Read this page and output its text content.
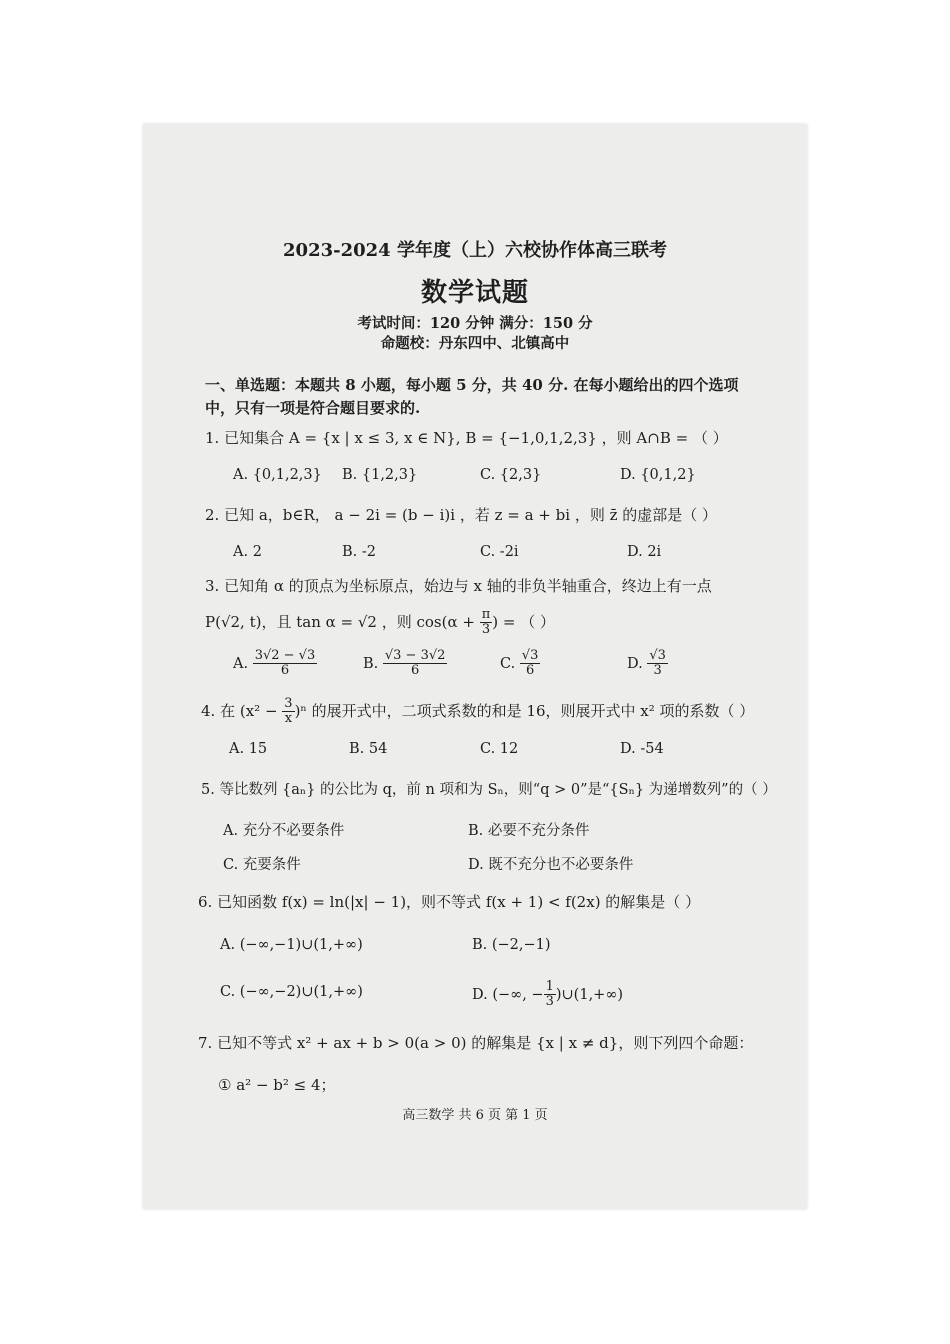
2023-2024 学年度（上）六校协作体高三联考
数学试题
考试时间：120 分钟 满分：150 分
命题校：丹东四中、北镇高中
一、单选题：本题共 8 小题，每小题 5 分，共 40 分. 在每小题给出的四个选项
中，只有一项是符合题目要求的.
1. 已知集合 A = {x | x ≤ 3, x ∈ N}, B = {−1,0,1,2,3} ，则 A∩B = （ ）
A. {0,1,2,3} B. {1,2,3}	C. {2,3}	D. {0,1,2}
2. 已知 a，b∈R， a − 2i = (b − i)i ，若 z = a + bi ，则 z̄ 的虚部是（ ）
A. 2	B. -2	C. -2i	D. 2i
3. 已知角 α 的顶点为坐标原点，始边与 x 轴的非负半轴重合，终边上有一点
P(√2, t)，且 tan α = √2 ，则 $\cos(\alpha + \frac{\pi}{3}$ ) = （ ）
A. $\frac{3√2 - √3}{6}$	B. $\frac{√3 - 3√2}{6}$	C. $\frac{√3}{6}$	D. $\frac{√3}{3}$
4. 在 $(x^2 - \frac{3}{x} )^n$ 的展开式中，二项式系数的和是 16，则展开式中 x² 项的系数（ ）
A. 15	B. 54	C. 12	D. -54
5. 等比数列 {aₙ} 的公比为 q，前 n 项和为 Sₙ，则“q > 0”是“{Sₙ} 为递增数列”的（ ）
A. 充分不必要条件	B. 必要不充分条件
C. 充要条件	D. 既不充分也不必要条件
6. 已知函数 f(x) = ln(|x| − 1)，则不等式 f(x + 1) < f(2x) 的解集是（ ）
A. (−∞,−1)∪(1,+∞)	B. (−2,−1)
C. (−∞,−2)∪(1,+∞)	D. (−∞, − $\frac{1}{3}$ )∪(1,+∞)
7. 已知不等式 x² + ax + b > 0(a > 0) 的解集是 {x | x ≠ d}，则下列四个命题：
① a² − b² ≤ 4；
高三数学 共 6 页 第 1 页
